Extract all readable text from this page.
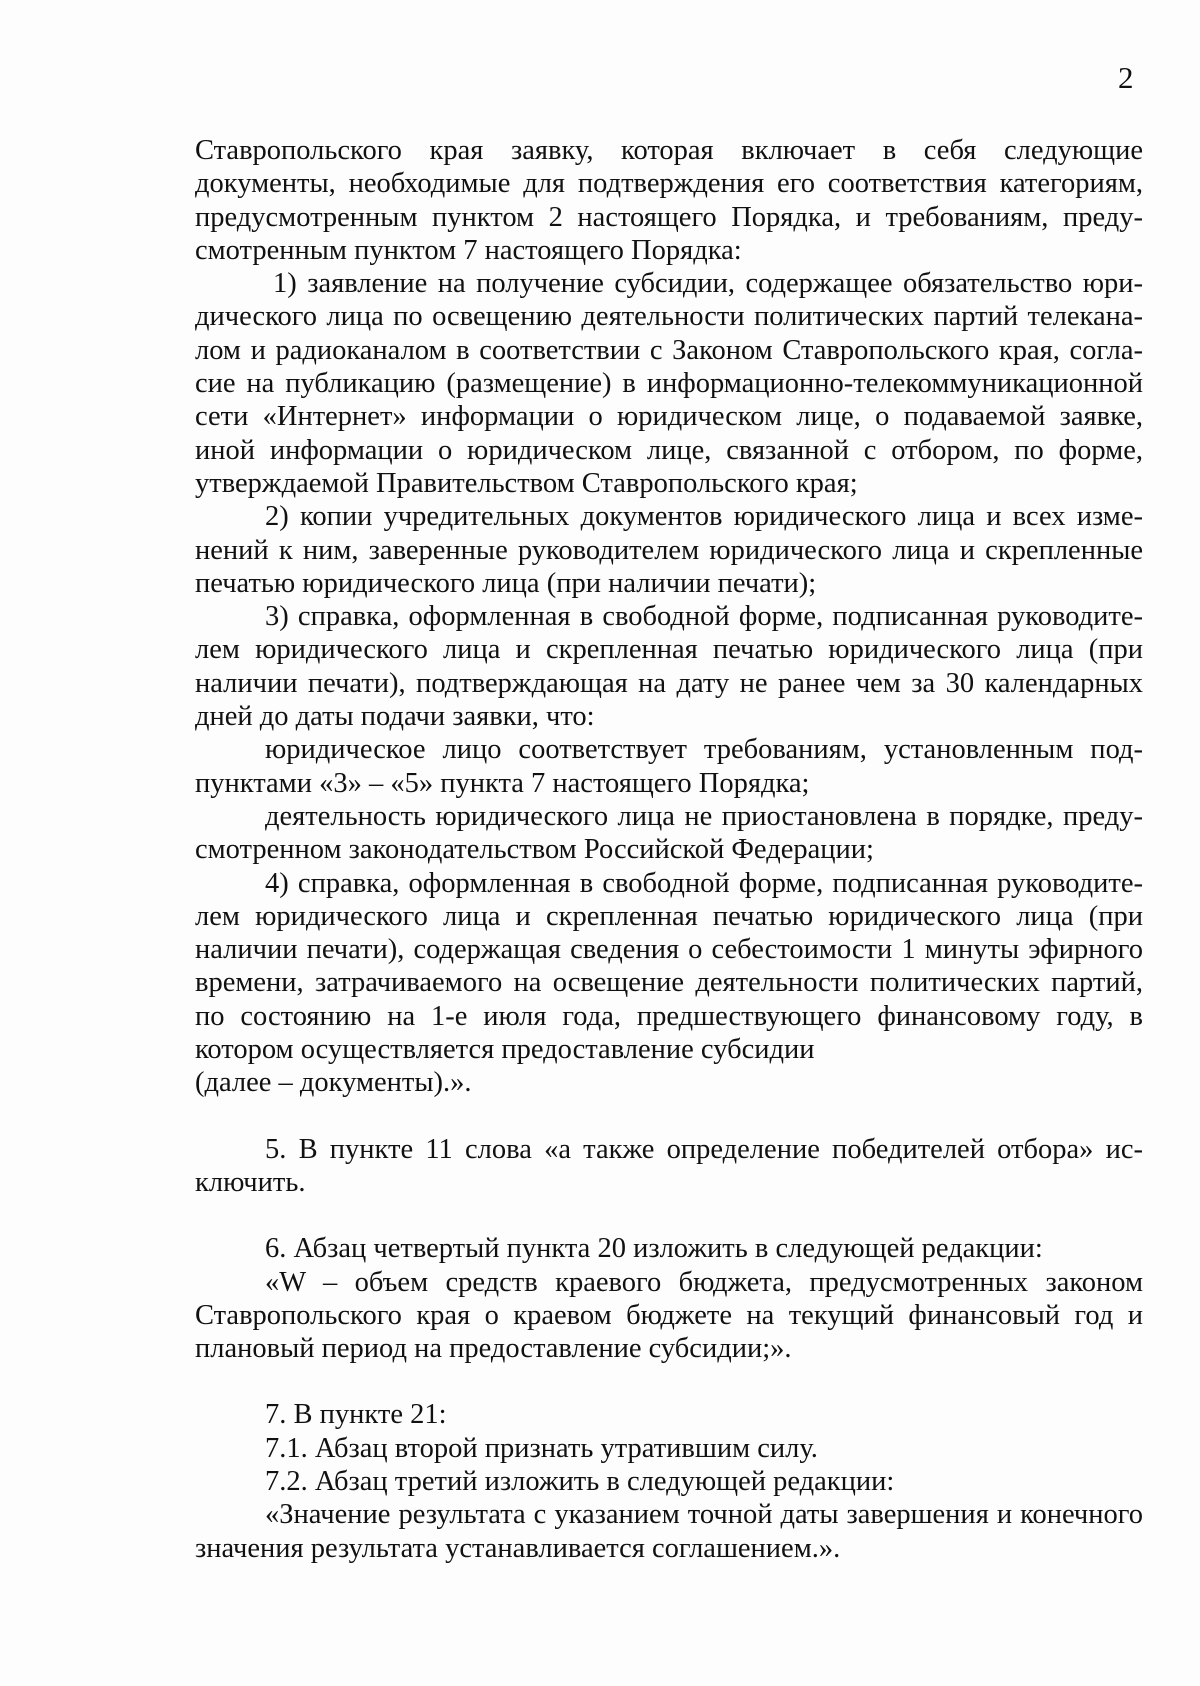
2

Ставропольского края заявку, которая включает в себя следующие документы, необходимые для подтверждения его соответствия категориям, предусмотренным пунктом 2 настоящего Порядка, и требованиям, предусмотренным пунктом 7 настоящего Порядка:

1) заявление на получение субсидии, содержащее обязательство юридического лица по освещению деятельности политических партий телеканалом и радиоканалом в соответствии с Законом Ставропольского края, согласие на публикацию (размещение) в информационно-телекоммуникационной сети «Интернет» информации о юридическом лице, о подаваемой заявке, иной информации о юридическом лице, связанной с отбором, по форме, утверждаемой Правительством Ставропольского края;

2) копии учредительных документов юридического лица и всех изменений к ним, заверенные руководителем юридического лица и скрепленные печатью юридического лица (при наличии печати);

3) справка, оформленная в свободной форме, подписанная руководителем юридического лица и скрепленная печатью юридического лица (при наличии печати), подтверждающая на дату не ранее чем за 30 календарных дней до даты подачи заявки, что:

юридическое лицо соответствует требованиям, установленным подпунктами «3» – «5» пункта 7 настоящего Порядка;

деятельность юридического лица не приостановлена в порядке, предусмотренном законодательством Российской Федерации;

4) справка, оформленная в свободной форме, подписанная руководителем юридического лица и скрепленная печатью юридического лица (при наличии печати), содержащая сведения о себестоимости 1 минуты эфирного времени, затрачиваемого на освещение деятельности политических партий, по состоянию на 1-е июля года, предшествующего финансовому году, в котором осуществляется предоставление субсидии

(далее – документы).».

5. В пункте 11 слова «а также определение победителей отбора» исключить.

6. Абзац четвертый пункта 20 изложить в следующей редакции:

«W – объем средств краевого бюджета, предусмотренных законом Ставропольского края о краевом бюджете на текущий финансовый год и плановый период на предоставление субсидии;».

7. В пункте 21:

7.1. Абзац второй признать утратившим силу.

7.2. Абзац третий изложить в следующей редакции:

«Значение результата с указанием точной даты завершения и конечного значения результата устанавливается соглашением.».
